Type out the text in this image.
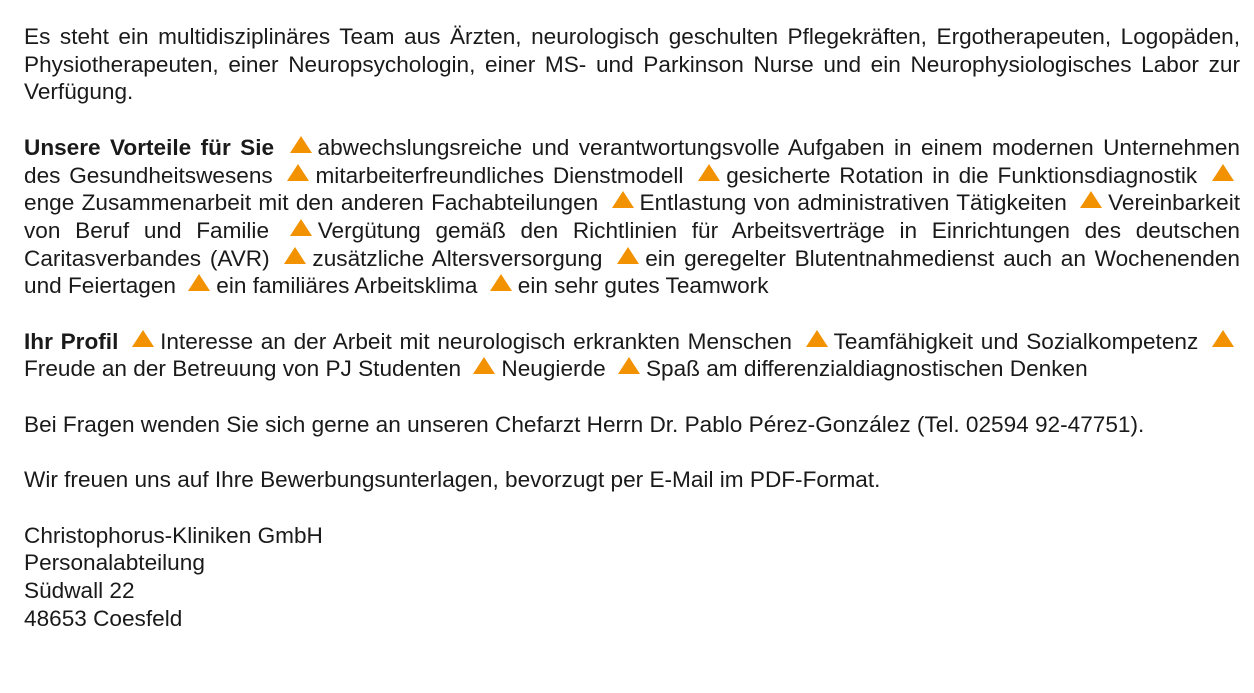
Es steht ein multidisziplinäres Team aus Ärzten, neurologisch geschulten Pflegekräften, Ergotherapeuten, Logopäden, Physiotherapeuten, einer Neuropsychologin, einer MS- und Parkinson Nurse und ein Neurophysiologisches Labor zur Verfügung.

Unsere Vorteile für Sie abwechslungsreiche und verantwortungsvolle Aufgaben in einem modernen Unternehmen des Gesundheitswesens mitarbeiterfreundliches Dienstmodell gesicherte Rotation in die Funktionsdiagnostik enge Zusammenarbeit mit den anderen Fachabteilungen Entlastung von administrativen Tätigkeiten Vereinbarkeit von Beruf und Familie Vergütung gemäß den Richtlinien für Arbeitsverträge in Einrichtungen des deutschen Caritasverbandes (AVR) zusätzliche Altersversorgung ein geregelter Blutentnahmedienst auch an Wochenenden und Feiertagen ein familiäres Arbeitsklima ein sehr gutes Teamwork

Ihr Profil Interesse an der Arbeit mit neurologisch erkrankten Menschen Teamfähigkeit und Sozialkompetenz Freude an der Betreuung von PJ Studenten Neugierde Spaß am differenzialdiagnostischen Denken

Bei Fragen wenden Sie sich gerne an unseren Chefarzt Herrn Dr. Pablo Pérez-González (Tel. 02594 92-47751).

Wir freuen uns auf Ihre Bewerbungsunterlagen, bevorzugt per E-Mail im PDF-Format.

Christophorus-Kliniken GmbH
Personalabteilung
Südwall 22
48653 Coesfeld
